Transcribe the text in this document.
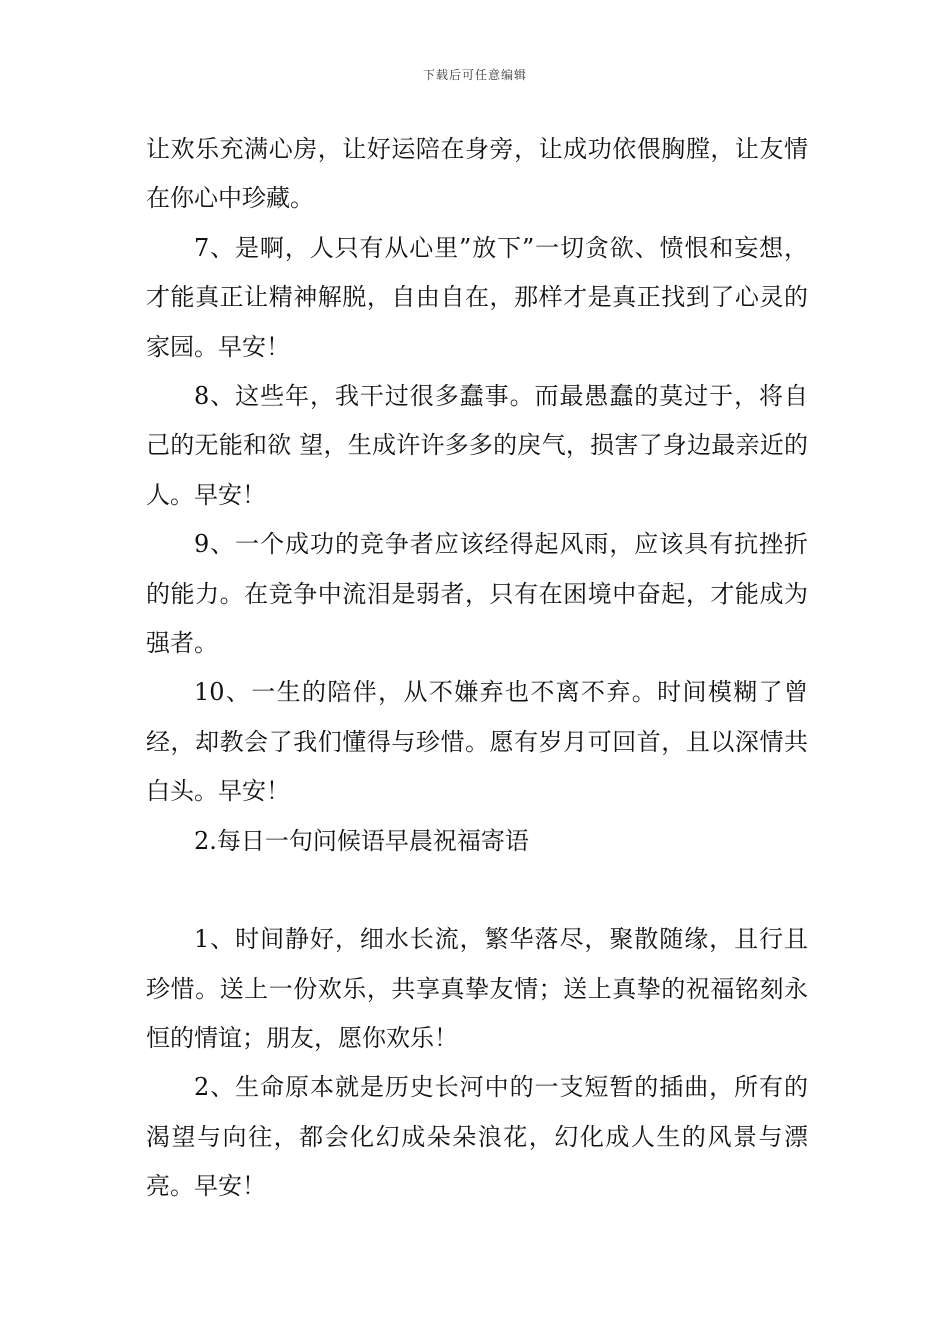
下载后可任意编辑

让欢乐充满心房，让好运陪在身旁，让成功依偎胸膛，让友情在你心中珍藏。

7、是啊，人只有从心里”放下”一切贪欲、愤恨和妄想，才能真正让精神解脱，自由自在，那样才是真正找到了心灵的家园。早安！

8、这些年，我干过很多蠢事。而最愚蠢的莫过于，将自己的无能和欲 望，生成许许多多的戾气，损害了身边最亲近的人。早安！

9、一个成功的竞争者应该经得起风雨，应该具有抗挫折的能力。在竞争中流泪是弱者，只有在困境中奋起，才能成为强者。

10、一生的陪伴，从不嫌弃也不离不弃。时间模糊了曾经，却教会了我们懂得与珍惜。愿有岁月可回首，且以深情共白头。早安！

2.每日一句问候语早晨祝福寄语

1、时间静好，细水长流，繁华落尽，聚散随缘，且行且珍惜。送上一份欢乐，共享真挚友情；送上真挚的祝福铭刻永恒的情谊；朋友，愿你欢乐！

2、生命原本就是历史长河中的一支短暂的插曲，所有的渴望与向往，都会化幻成朵朵浪花，幻化成人生的风景与漂亮。早安！
